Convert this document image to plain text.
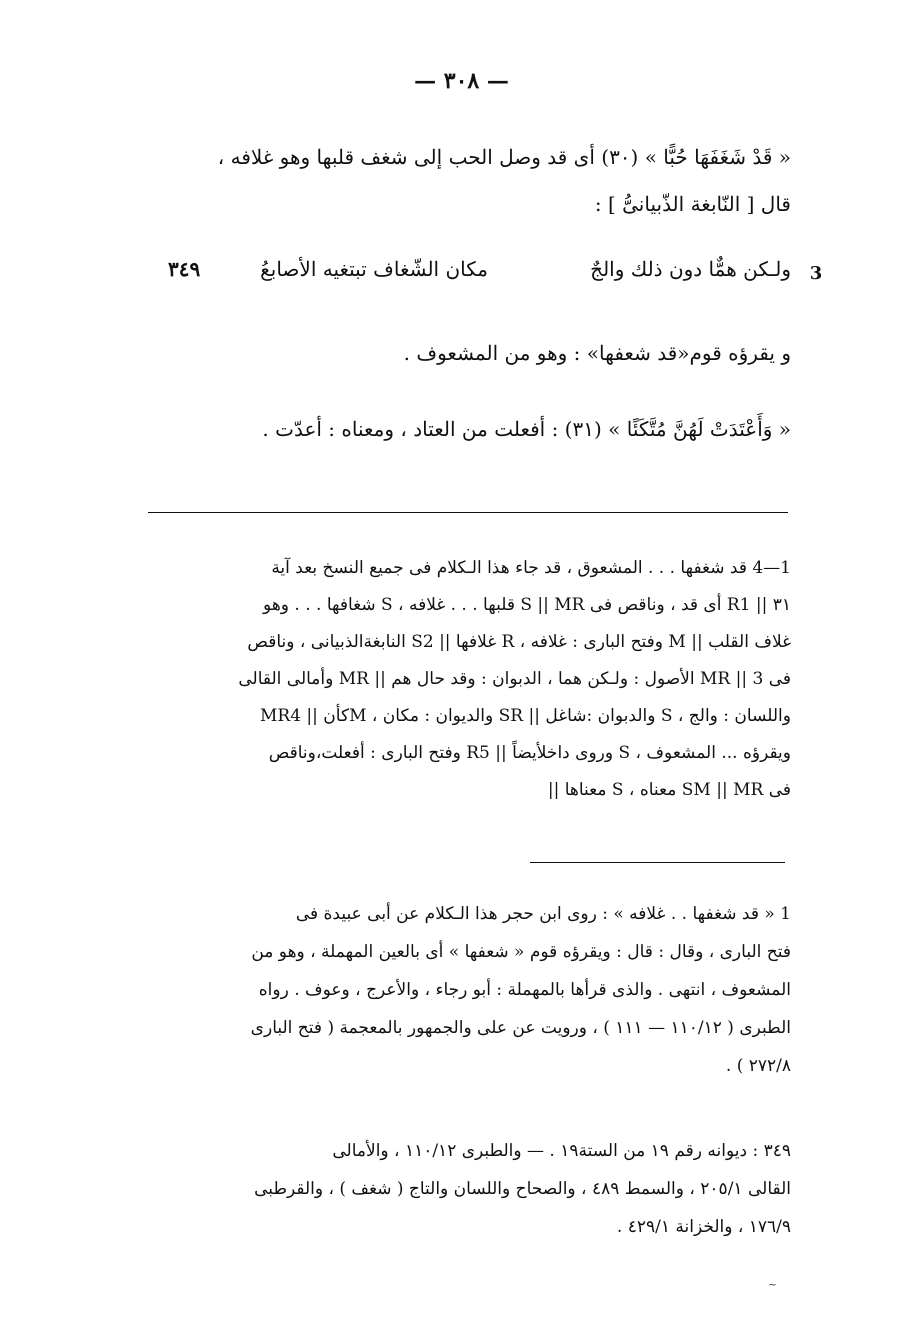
— ٣٠٨ —
« قَدْ شَغَفَهَا حُبًّا » (٣٠) أى قد وصل الحب إلى شغف قلبها وهو غلافه ،
قال [ النّابغة الذّبيانىُّ ] :
3
ولـكن همٌّا دون ذلك والجٌ
مكان الشّغاف تبتغيه الأصابعُ
٣٤٩
و يقرؤه قوم«قد شعفها» : وهو من المشعوف .
« وَأَعْتَدَتْ لَهُنَّ مُتَّكَئًا » (٣١) : أفعلت من العتاد ، ومعناه : أعدّت .

1—4 قد شغفها . . . المشعوق ، قد جاء هذا الـكلام فى جميع النسخ بعد آية

٣١ || R1 أى قد ، وناقص فى S || MR قلبها . . . غلافه ، S شغافها . . . وهو

غلاف القلب || M وفتح البارى : غلافه ، R غلافها || S2 النابغةالذبيانى ، وناقص

فى MR || 3 الأصول : ولـكن هما ، الدبوان : وقد حال هم || MR وأمالى القالى

واللسان : والج ، S والدبوان :شاغل || SR والديوان : مكان ، Mكأن || MR4

ويقرؤه ... المشعوف ، S وروى داخلأيضاً || R5 وفتح البارى : أفعلت،وناقص

فى SM || MR معناه ، S معناها ||

1 « قد شغفها . . غلافه » : روى ابن حجر هذا الـكلام عن أبى عبيدة فى

فتح البارى ، وقال : قال : ويقرؤه قوم « شعفها » أى بالعين المهملة ، وهو من

المشعوف ، انتهى . والذى قرأها بالمهملة : أبو رجاء ، والأعرج ، وعوف . رواه

الطبرى ( ١١٠/١٢ — ١١١ ) ، ورويت عن على والجمهور بالمعجمة ( فتح البارى

٢٧٢/٨ ) .

٣٤٩ : ديوانه رقم ١٩ من الستة١٩ . — والطبرى ١١٠/١٢ ، والأمالى

القالى ٢٠٥/١ ، والسمط ٤٨٩ ، والصحاح واللسان والتاج ( شغف ) ، والقرطبى

١٧٦/٩ ، والخزانة ٤٢٩/١ .

~
